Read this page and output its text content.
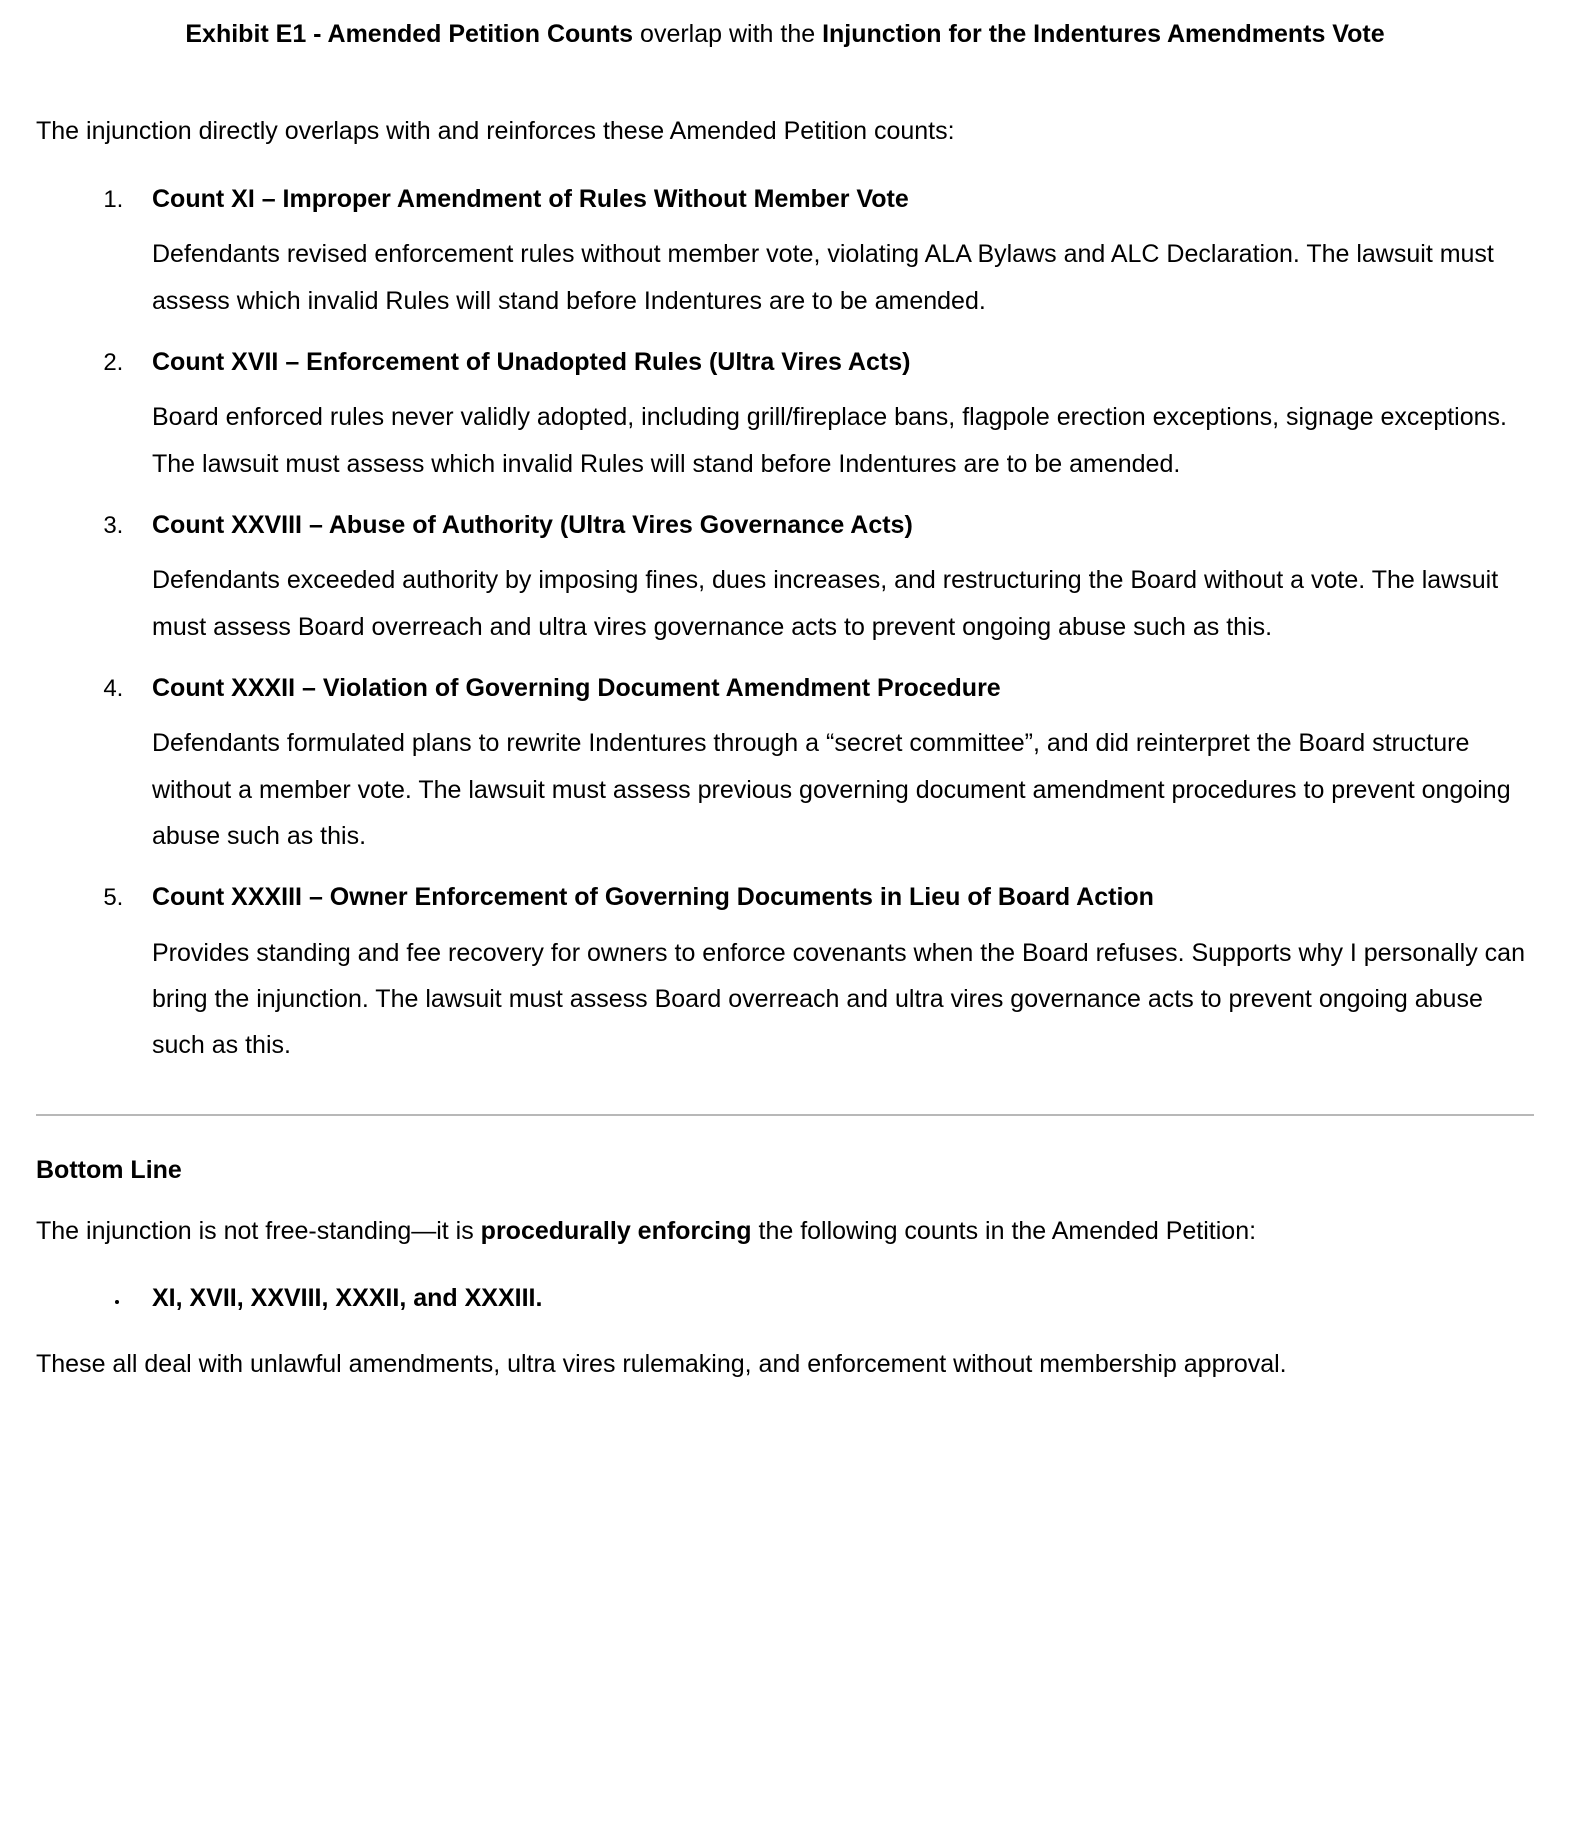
Exhibit E1 - Amended Petition Counts overlap with the Injunction for the Indentures Amendments Vote

The injunction directly overlaps with and reinforces these Amended Petition counts:

1. Count XI – Improper Amendment of Rules Without Member Vote

Defendants revised enforcement rules without member vote, violating ALA Bylaws and ALC Declaration. The lawsuit must assess which invalid Rules will stand before Indentures are to be amended.

2. Count XVII – Enforcement of Unadopted Rules (Ultra Vires Acts)

Board enforced rules never validly adopted, including grill/fireplace bans, flagpole erection exceptions, signage exceptions. The lawsuit must assess which invalid Rules will stand before Indentures are to be amended.

3. Count XXVIII – Abuse of Authority (Ultra Vires Governance Acts)

Defendants exceeded authority by imposing fines, dues increases, and restructuring the Board without a vote. The lawsuit must assess Board overreach and ultra vires governance acts to prevent ongoing abuse such as this.

4. Count XXXII – Violation of Governing Document Amendment Procedure

Defendants formulated plans to rewrite Indentures through a “secret committee”, and did reinterpret the Board structure without a member vote. The lawsuit must assess previous governing document amendment procedures to prevent ongoing abuse such as this.

5. Count XXXIII – Owner Enforcement of Governing Documents in Lieu of Board Action

Provides standing and fee recovery for owners to enforce covenants when the Board refuses. Supports why I personally can bring the injunction. The lawsuit must assess Board overreach and ultra vires governance acts to prevent ongoing abuse such as this.

Bottom Line

The injunction is not free-standing—it is procedurally enforcing the following counts in the Amended Petition:

• XI, XVII, XXVIII, XXXII, and XXXIII.

These all deal with unlawful amendments, ultra vires rulemaking, and enforcement without membership approval.
